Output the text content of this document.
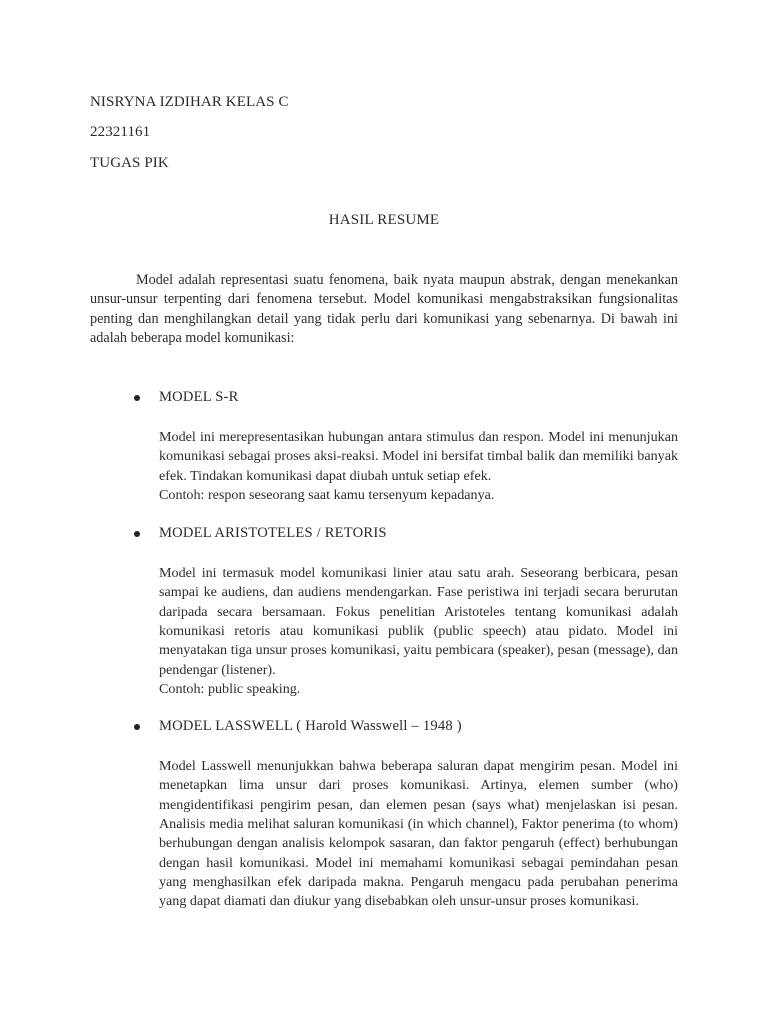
NISRYNA IZDIHAR KELAS C
22321161
TUGAS PIK
HASIL RESUME

Model adalah representasi suatu fenomena, baik nyata maupun abstrak, dengan menekankan unsur-unsur terpenting dari fenomena tersebut. Model komunikasi mengabstraksikan fungsionalitas penting dan menghilangkan detail yang tidak perlu dari komunikasi yang sebenarnya. Di bawah ini adalah beberapa model komunikasi:

MODEL S-R
Model ini merepresentasikan hubungan antara stimulus dan respon. Model ini menunjukan komunikasi sebagai proses aksi-reaksi. Model ini bersifat timbal balik dan memiliki banyak efek. Tindakan komunikasi dapat diubah untuk setiap efek.
Contoh: respon seseorang saat kamu tersenyum kepadanya.
MODEL ARISTOTELES / RETORIS
Model ini termasuk model komunikasi linier atau satu arah. Seseorang berbicara, pesan sampai ke audiens, dan audiens mendengarkan. Fase peristiwa ini terjadi secara berurutan daripada secara bersamaan. Fokus penelitian Aristoteles tentang komunikasi adalah komunikasi retoris atau komunikasi publik (public speech) atau pidato. Model ini menyatakan tiga unsur proses komunikasi, yaitu pembicara (speaker), pesan (message), dan pendengar (listener).
Contoh: public speaking.
MODEL LASSWELL ( Harold Wasswell – 1948 )
Model Lasswell menunjukkan bahwa beberapa saluran dapat mengirim pesan. Model ini menetapkan lima unsur dari proses komunikasi. Artinya, elemen sumber (who) mengidentifikasi pengirim pesan, dan elemen pesan (says what) menjelaskan isi pesan. Analisis media melihat saluran komunikasi (in which channel), Faktor penerima (to whom) berhubungan dengan analisis kelompok sasaran, dan faktor pengaruh (effect) berhubungan dengan hasil komunikasi. Model ini memahami komunikasi sebagai pemindahan pesan yang menghasilkan efek daripada makna. Pengaruh mengacu pada perubahan penerima yang dapat diamati dan diukur yang disebabkan oleh unsur-unsur proses komunikasi.
